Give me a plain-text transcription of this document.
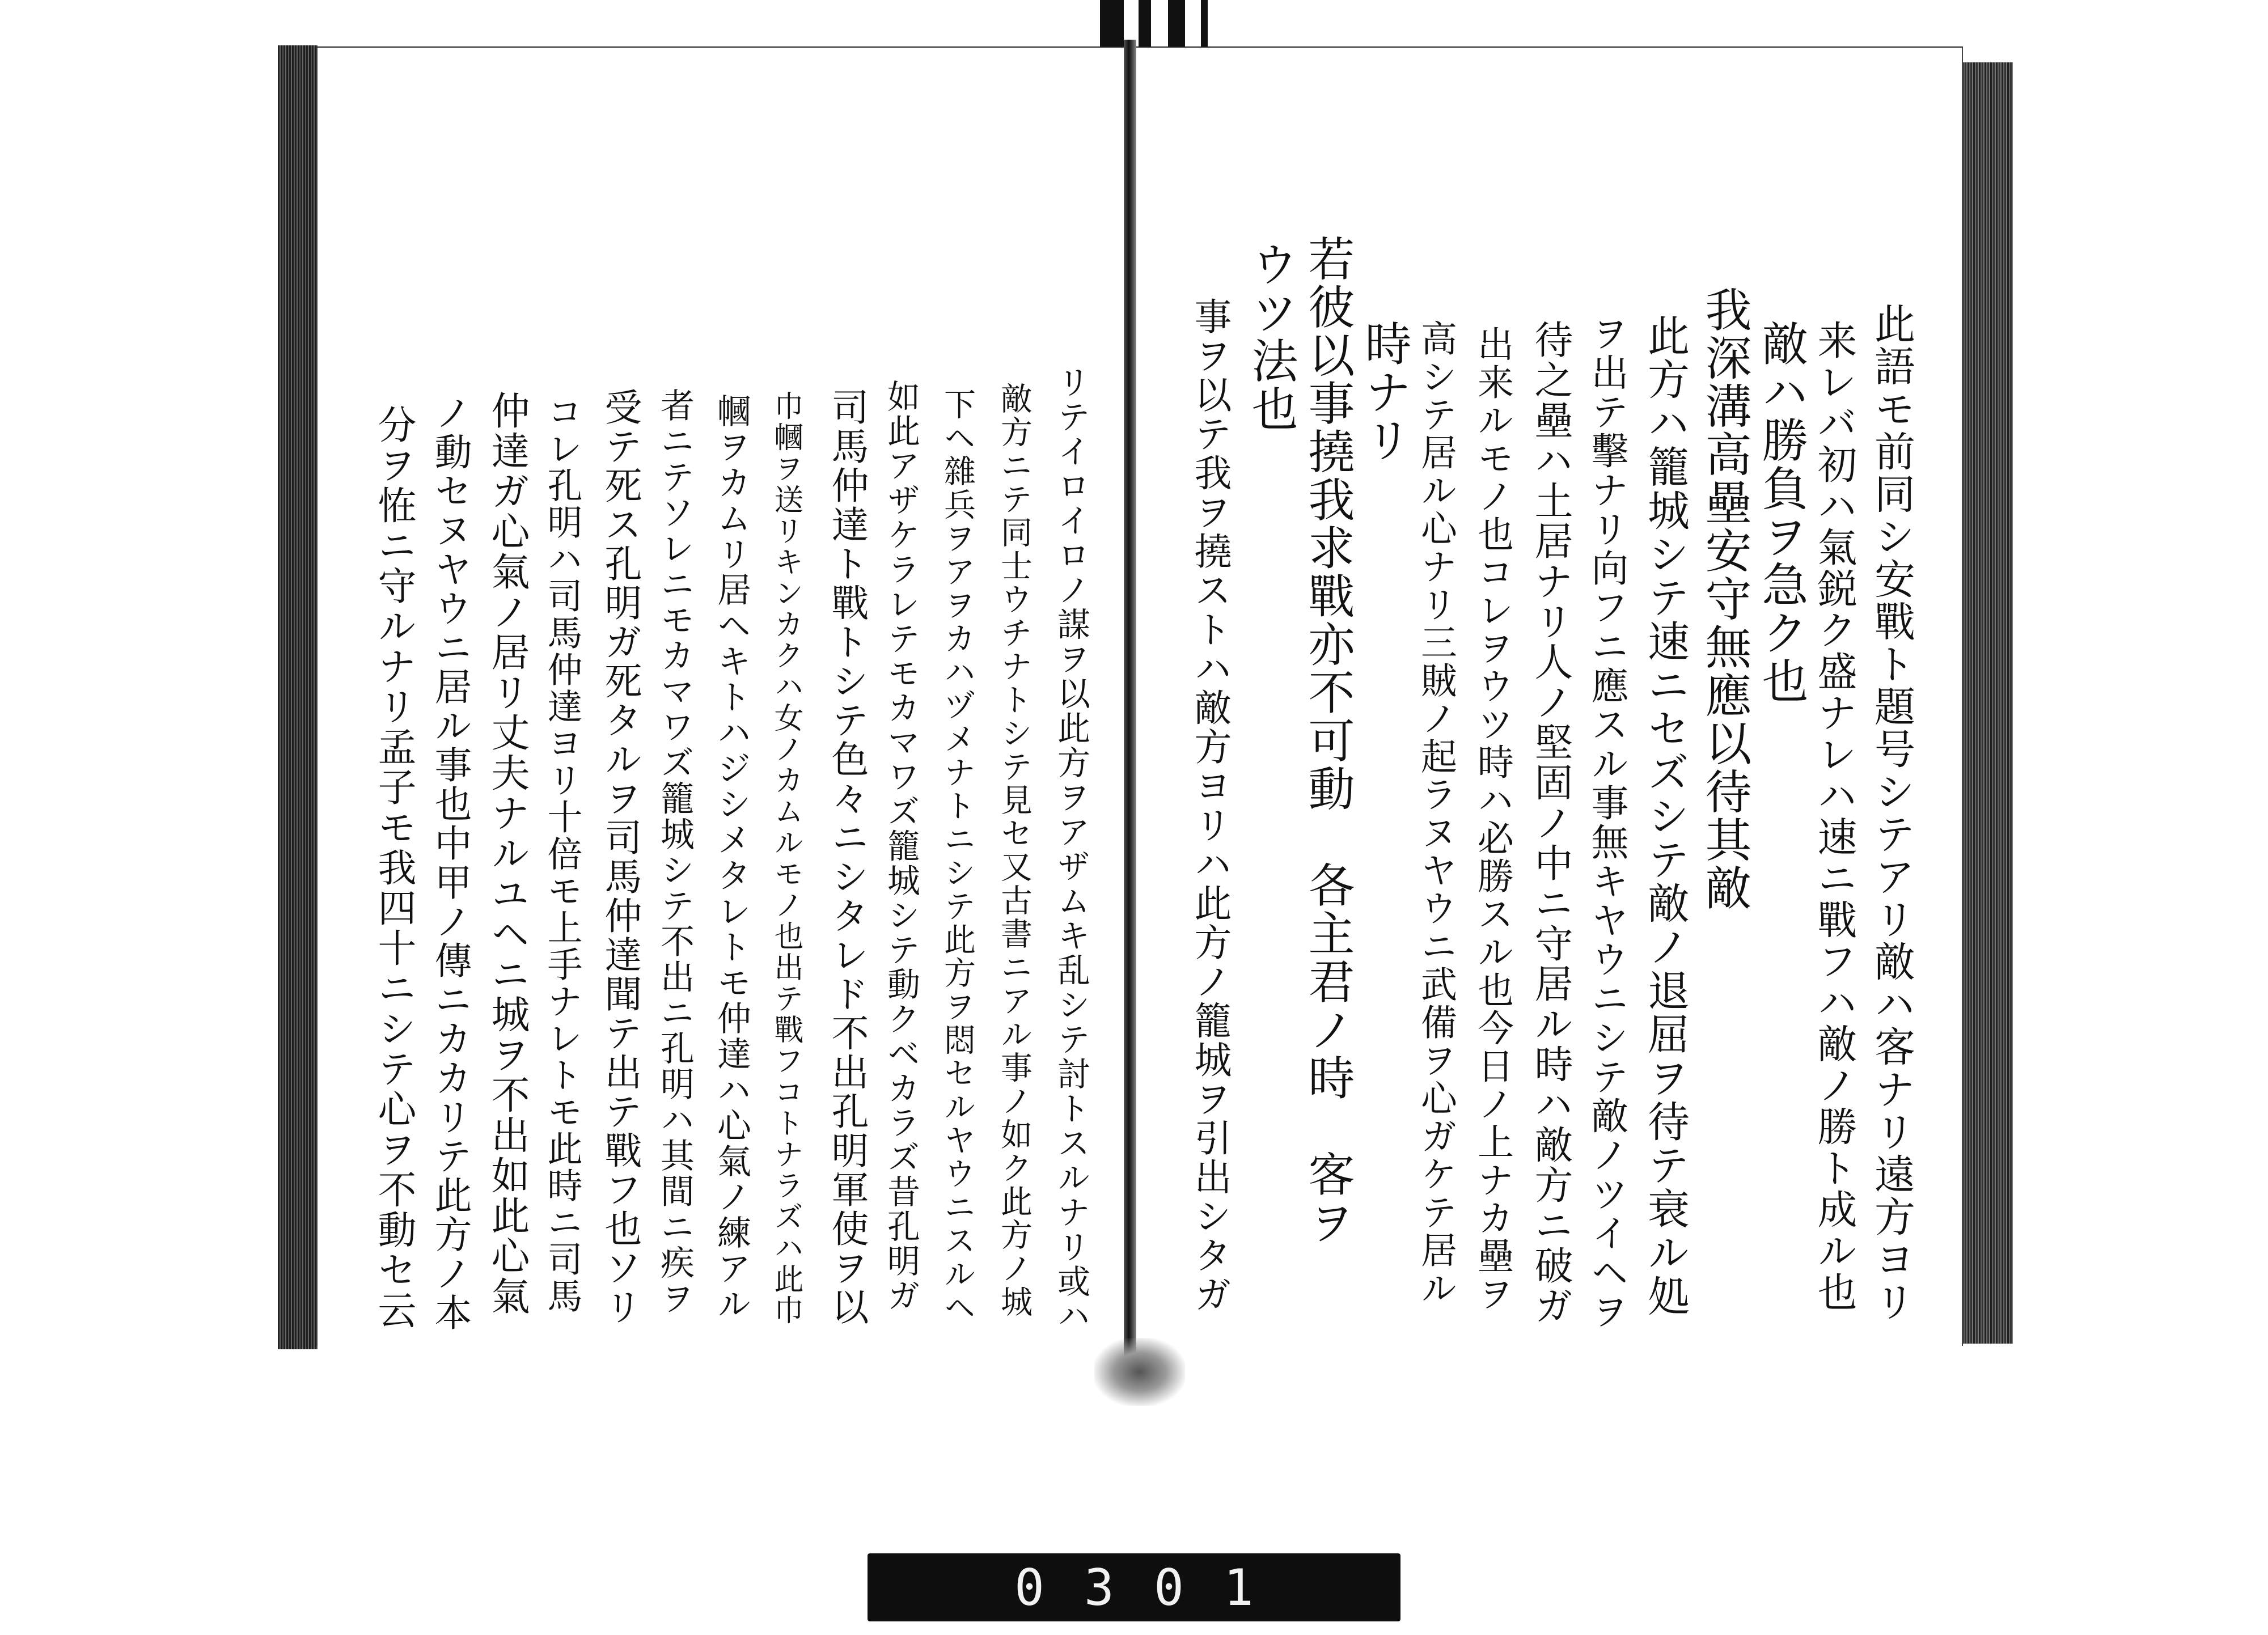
リテイロイロノ謀ヲ以此方ヲアザムキ乱シテ討トスルナリ或ハ
敵方ニテ同士ウチナトシテ見セ又古書ニアル事ノ如ク此方ノ城
下ヘ雜兵ヲアヲカハヅメナトニシテ此方ヲ悶セルヤウニスルヘ
如此アザケラレテモカマワズ籠城シテ動クベカラズ昔孔明ガ
司馬仲達ト戰トシテ色々ニシタレド不出孔明軍使ヲ以
巾幗ヲ送リキンカクハ女ノカムルモノ也出テ戰フコトナラズハ此巾
幗ヲカムリ居ヘキトハジシメタレトモ仲達ハ心氣ノ練アル
者ニテソレニモカマワズ籠城シテ不出ニ孔明ハ其間ニ疾ヲ
受テ死ス孔明ガ死タルヲ司馬仲達聞テ出テ戰フ也ソリ
コレ孔明ハ司馬仲達ヨリ十倍モ上手ナレトモ此時ニ司馬
仲達ガ心氣ノ居リ丈夫ナルユヘニ城ヲ不出如此心氣
ノ動セヌヤウニ居ル事也中甲ノ傳ニカカリテ此方ノ本
分ヲ恠ニ守ルナリ孟子モ我四十ニシテ心ヲ不動セ云	此語モ前同シ安戰ト題号シテアリ敵ハ客ナリ遠方ヨリ
来レバ初ハ氣鋭ク盛ナレハ速ニ戰フハ敵ノ勝ト成ル也
敵ハ勝負ヲ急ク也
我深溝高壘安守無應以待其敵
此方ハ籠城シテ速ニセズシテ敵ノ退屈ヲ待テ衰ル処
ヲ出テ擊ナリ向フニ應スル事無キヤウニシテ敵ノツイヘヲ
待之壘ハ土居ナリ人ノ堅固ノ中ニ守居ル時ハ敵方ニ破ガ
出来ルモノ也コレヲウツ時ハ必勝スル也今日ノ上ナカ壘ヲ
高シテ居ル心ナリ三賊ノ起ラヌヤウニ武備ヲ心ガケテ居ル
時ナリ
若彼以事撓我求戰亦不可動　各主君ノ時　客ヲ
ウツ法也
事ヲ以テ我ヲ撓ストハ敵方ヨリハ此方ノ籠城ヲ引出シタガ
0301
